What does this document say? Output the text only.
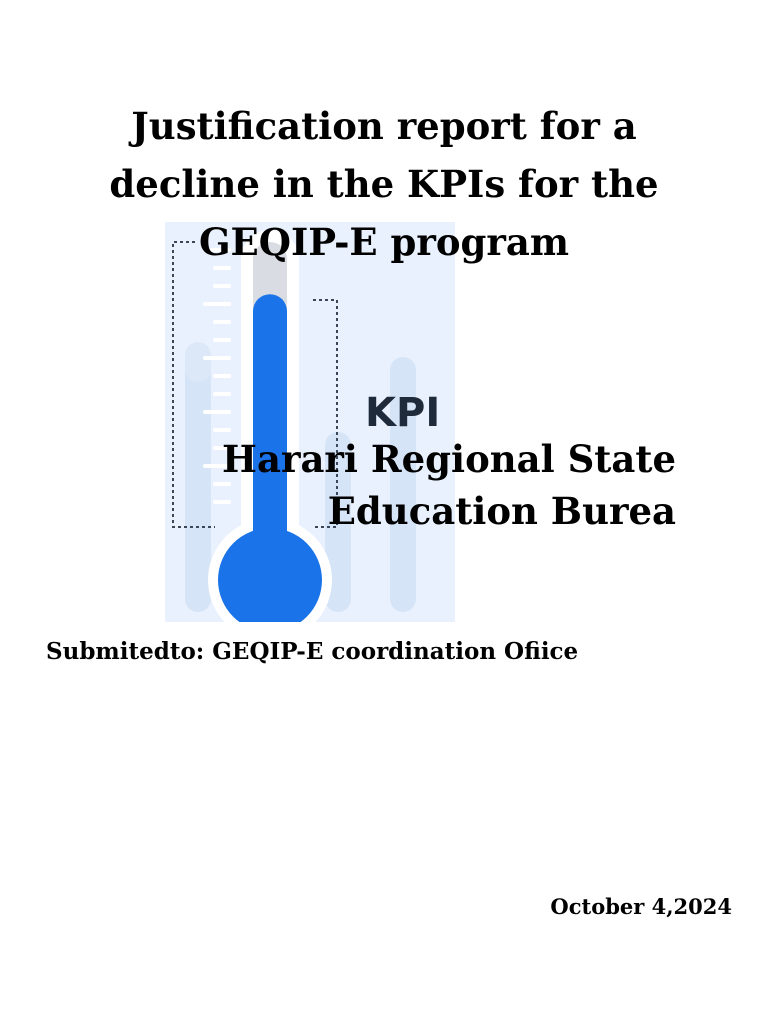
Justification report for a
decline in the KPIs for the
GEQIP-E program
KPI
Harari Regional State
Education Burea
Submitedto: GEQIP-E coordination Ofiice
October 4,2024
